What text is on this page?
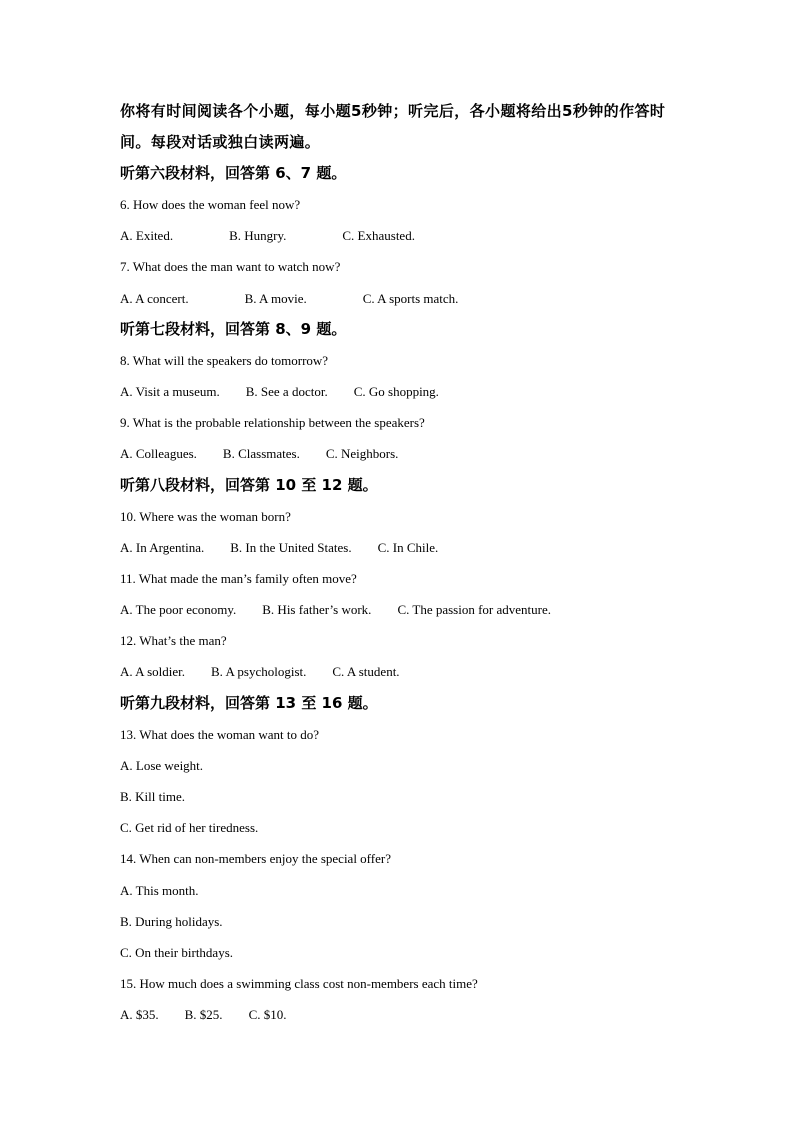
你将有时间阅读各个小题，每小题5秒钟；听完后，各小题将给出5秒钟的作答时间。每段对话或独白读两遍。

听第六段材料，回答第 6、7 题。
6. How does the woman feel now?
A. Exited.	B. Hungry.	C. Exhausted.
7. What does the man want to watch now?
A. A concert.	B. A movie.	C. A sports match.
听第七段材料，回答第 8、9 题。
8. What will the speakers do tomorrow?
A. Visit a museum. B. See a doctor. C. Go shopping.
9. What is the probable relationship between the speakers?
A. Colleagues. B. Classmates. C. Neighbors.
听第八段材料，回答第 10 至 12 题。
10. Where was the woman born?
A. In Argentina. B. In the United States. C. In Chile.
11. What made the man’s family often move?
A. The poor economy. B. His father’s work. C. The passion for adventure.
12. What’s the man?
A. A soldier. B. A psychologist. C. A student.
听第九段材料，回答第 13 至 16 题。
13. What does the woman want to do?
A. Lose weight.
B. Kill time.
C. Get rid of her tiredness.
14. When can non-members enjoy the special offer?
A. This month.
B. During holidays.
C. On their birthdays.
15. How much does a swimming class cost non-members each time?
A. $35. B. $25. C. $10.
